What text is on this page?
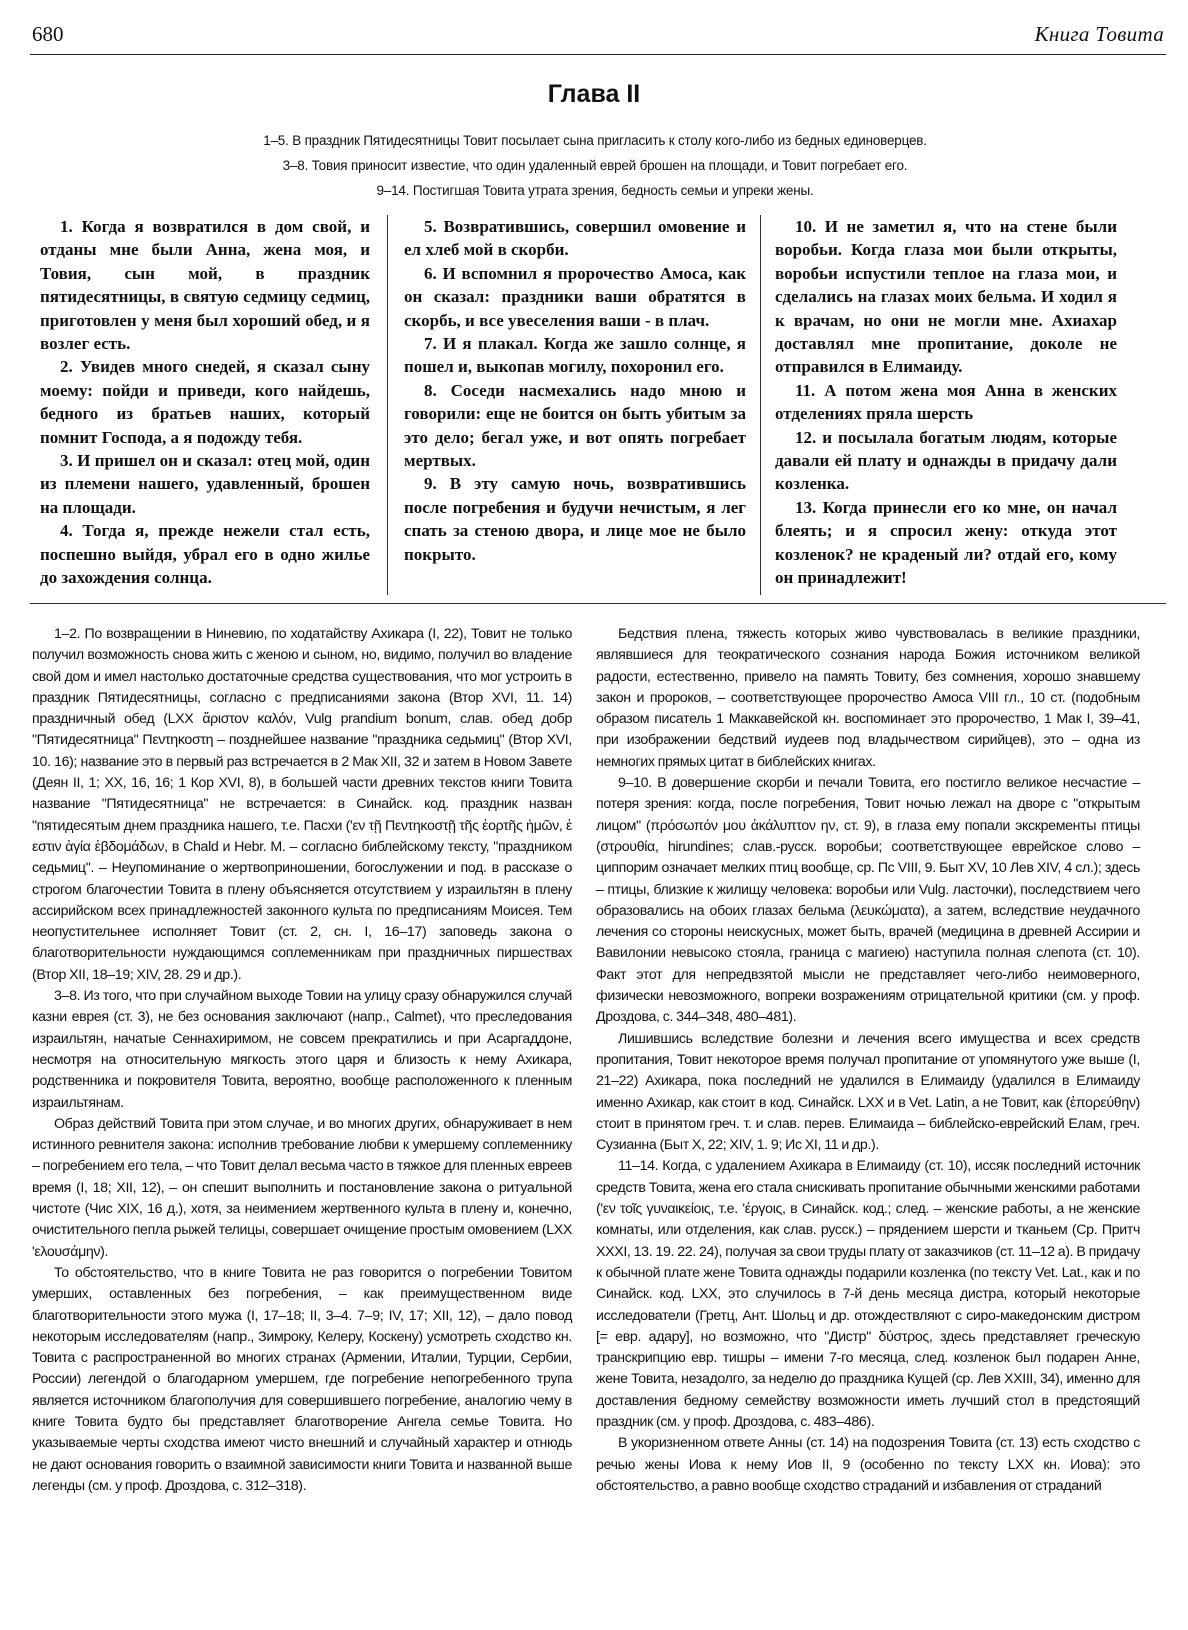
680	Книга Товита
Глава II
1–5. В праздник Пятидесятницы Товит посылает сына пригласить к столу кого-либо из бедных единоверцев.
3–8. Товия приносит известие, что один удаленный еврей брошен на площади, и Товит погребает его.
9–14. Постигшая Товита утрата зрения, бедность семьи и упреки жены.

1. Когда я возвратился в дом свой, и отданы мне были Анна, жена моя, и Товия, сын мой, в праздник пятидесятницы, в святую седмицу седмиц, приготовлен у меня был хороший обед, и я возлег есть.

2. Увидев много снедей, я сказал сыну моему: пойди и приведи, кого найдешь, бедного из братьев наших, который помнит Господа, а я подожду тебя.

3. И пришел он и сказал: отец мой, один из племени нашего, удавленный, брошен на площади.

4. Тогда я, прежде нежели стал есть, поспешно выйдя, убрал его в одно жилье до захождения солнца.

5. Возвратившись, совершил омовение и ел хлеб мой в скорби.

6. И вспомнил я пророчество Амоса, как он сказал: праздники ваши обратятся в скорбь, и все увеселения ваши - в плач.

7. И я плакал. Когда же зашло солнце, я пошел и, выкопав могилу, похоронил его.

8. Соседи насмехались надо мною и говорили: еще не боится он быть убитым за это дело; бегал уже, и вот опять погребает мертвых.

9. В эту самую ночь, возвратившись после погребения и будучи нечистым, я лег спать за стеною двора, и лице мое не было покрыто.

10. И не заметил я, что на стене были воробьи. Когда глаза мои были открыты, воробьи испустили теплое на глаза мои, и сделались на глазах моих бельма. И ходил я к врачам, но они не могли мне. Ахиахар доставлял мне пропитание, доколе не отправился в Елимаиду.

11. А потом жена моя Анна в женских отделениях пряла шерсть

12. и посылала богатым людям, которые давали ей плату и однажды в придачу дали козленка.

13. Когда принесли его ко мне, он начал блеять; и я спросил жену: откуда этот козленок? не краденый ли? отдай его, кому он принадлежит!

1–2. По возвращении в Ниневию, по ходатайству Ахикара (I, 22), Товит не только получил возможность снова жить с женою и сыном, но, видимо, получил во владение свой дом и имел настолько достаточные средства существования, что мог устроить в праздник Пятидесятницы, согласно с предписаниями закона (Втор XVI, 11. 14) праздничный обед (LXX ἄριστον καλόν, Vulg prandium bonum, слав. обед добр "Пятидесятница" Πεντηκοστη – позднейшее название "праздника седьмиц" (Втор XVI, 10. 16); название это в первый раз встречается в 2 Мак XII, 32 и затем в Новом Завете (Деян II, 1; XX, 16, 16; 1 Кор XVI, 8), в большей части древних текстов книги Товита название "Пятидесятница" не встречается: в Синайск. код. праздник назван "пятидесятым днем праздника нашего, т.е. Пасхи ('εν τῇ Πεντηκοστῇ τῆς ἑορτῆς ἡμῶν, ἑ εστιν ἁγία ἑβδομάδων, в Chald и Hebr. M. – согласно библейскому тексту, "праздником седьмиц". – Неупоминание о жертвоприношении, богослужении и под. в рассказе о строгом благочестии Товита в плену объясняется отсутствием у израильтян в плену ассирийском всех принадлежностей законного культа по предписаниям Моисея. Тем неопустительнее исполняет Товит (ст. 2, сн. I, 16–17) заповедь закона о благотворительности нуждающимся соплеменникам при праздничных пиршествах (Втор XII, 18–19; XIV, 28. 29 и др.).

3–8. Из того, что при случайном выходе Товии на улицу сразу обнаружился случай казни еврея (ст. 3), не без основания заключают (напр., Calmet), что преследования израильтян, начатые Сеннахиримом, не совсем прекратились и при Асаргаддоне, несмотря на относительную мягкость этого царя и близость к нему Ахикара, родственника и покровителя Товита, вероятно, вообще расположенного к пленным израильтянам.

Образ действий Товита при этом случае, и во многих других, обнаруживает в нем истинного ревнителя закона: исполнив требование любви к умершему соплеменнику – погребением его тела, – что Товит делал весьма часто в тяжкое для пленных евреев время (I, 18; XII, 12), – он спешит выполнить и постановление закона о ритуальной чистоте (Чис XIX, 16 д.), хотя, за неимением жертвенного культа в плену и, конечно, очистительного пепла рыжей телицы, совершает очищение простым омовением (LXX 'ελουσάμην).

То обстоятельство, что в книге Товита не раз говорится о погребении Товитом умерших, оставленных без погребения, – как преимущественном виде благотворительности этого мужа (I, 17–18; II, 3–4. 7–9; IV, 17; XII, 12), – дало повод некоторым исследователям (напр., Зимроку, Келеру, Коскену) усмотреть сходство кн. Товита с распространенной во многих странах (Армении, Италии, Турции, Сербии, России) легендой о благодарном умершем, где погребение непогребенного трупа является источником благополучия для совершившего погребение, аналогию чему в книге Товита будто бы представляет благотворение Ангела семье Товита. Но указываемые черты сходства имеют чисто внешний и случайный характер и отнюдь не дают основания говорить о взаимной зависимости книги Товита и названной выше легенды (см. у проф. Дроздова, с. 312–318).

Бедствия плена, тяжесть которых живо чувствовалась в великие праздники, являвшиеся для теократического сознания народа Божия источником великой радости, естественно, привело на память Товиту, без сомнения, хорошо знавшему закон и пророков, – соответствующее пророчество Амоса VIII гл., 10 ст. (подобным образом писатель 1 Маккавейской кн. воспоминает это пророчество, 1 Мак I, 39–41, при изображении бедствий иудеев под владычеством сирийцев), это – одна из немногих прямых цитат в библейских книгах.

9–10. В довершение скорби и печали Товита, его постигло великое несчастие – потеря зрения: когда, после погребения, Товит ночью лежал на дворе с "открытым лицом" (πρόσωπόν μου ἀκάλυπτον ην, ст. 9), в глаза ему попали экскременты птицы (στρουθία, hirundines; слав.-русск. воробьи; соответствующее еврейское слово – циппорим означает мелких птиц вообще, ср. Пс VIII, 9. Быт XV, 10 Лев XIV, 4 сл.); здесь – птицы, близкие к жилищу человека: воробьи или Vulg. ласточки), последствием чего образовались на обоих глазах бельма (λευκώματα), а затем, вследствие неудачного лечения со стороны неискусных, может быть, врачей (медицина в древней Ассирии и Вавилонии невысоко стояла, граница с магиею) наступила полная слепота (ст. 10). Факт этот для непредвзятой мысли не представляет чего-либо неимоверного, физически невозможного, вопреки возражениям отрицательной критики (см. у проф. Дроздова, с. 344–348, 480–481).

Лишившись вследствие болезни и лечения всего имущества и всех средств пропитания, Товит некоторое время получал пропитание от упомянутого уже выше (I, 21–22) Ахикара, пока последний не удалился в Елимаиду (удалился в Елимаиду именно Ахикар, как стоит в код. Синайск. LXX и в Vet. Latin, а не Товит, как (ἐπορεύθην) стоит в принятом греч. т. и слав. перев. Елимаида – библейско-еврейский Елам, греч. Сузианна (Быт X, 22; XIV, 1. 9; Ис XI, 11 и др.).

11–14. Когда, с удалением Ахикара в Елимаиду (ст. 10), иссяк последний источник средств Товита, жена его стала снискивать пропитание обычными женскими работами ('εν τοῖς γυναικείοις, т.е. 'έργοις, в Синайск. код.; след. – женские работы, а не женские комнаты, или отделения, как слав. русск.) – прядением шерсти и тканьем (Ср. Притч XXXI, 13. 19. 22. 24), получая за свои труды плату от заказчиков (ст. 11–12 а). В придачу к обычной плате жене Товита однажды подарили козленка (по тексту Vet. Lat., как и по Синайск. код. LXX, это случилось в 7-й день месяца дистра, который некоторые исследователи (Гретц, Ант. Шольц и др. отождествляют с сиро-македонским дистром [= евр. адару], но возможно, что "Дистр" δύστρος, здесь представляет греческую транскрипцию евр. тишры – имени 7-го месяца, след. козленок был подарен Анне, жене Товита, незадолго, за неделю до праздника Кущей (ср. Лев XXIII, 34), именно для доставления бедному семейству возможности иметь лучший стол в предстоящий праздник (см. у проф. Дроздова, с. 483–486).

В укоризненном ответе Анны (ст. 14) на подозрения Товита (ст. 13) есть сходство с речью жены Иова к нему Иов II, 9 (особенно по тексту LXX кн. Иова): это обстоятельство, а равно вообще сходство страданий и избавления от страданий
